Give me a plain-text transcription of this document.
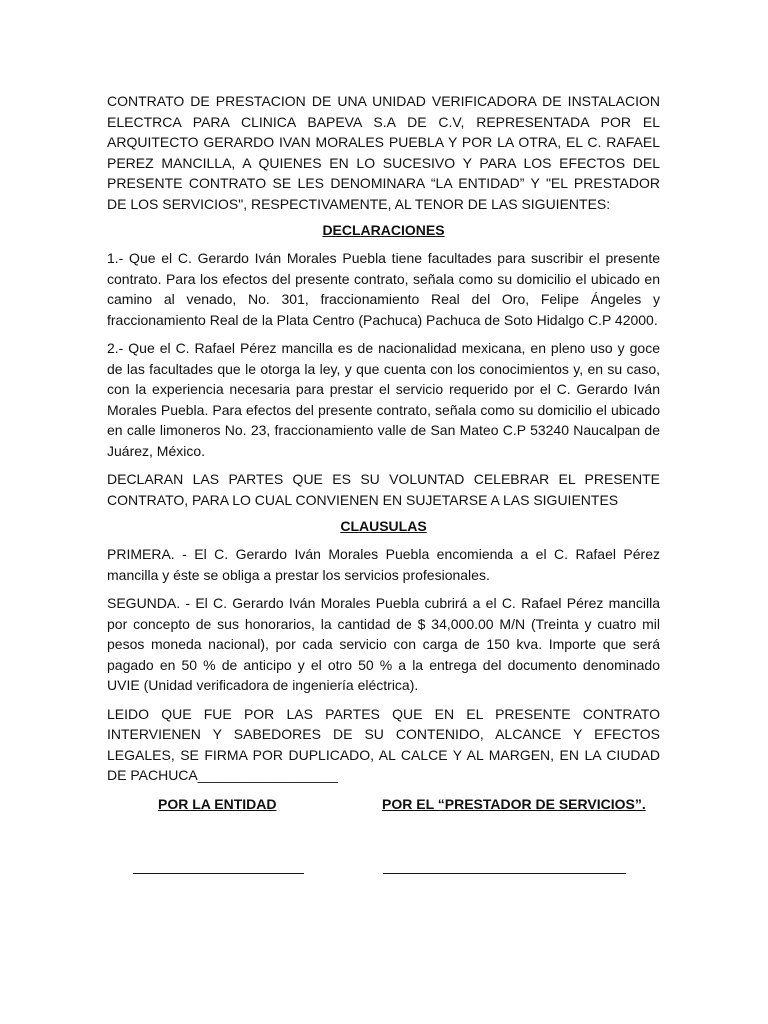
CONTRATO DE PRESTACION DE UNA UNIDAD VERIFICADORA DE INSTALACION ELECTRCA PARA CLINICA BAPEVA S.A DE C.V, REPRESENTADA POR EL ARQUITECTO GERARDO IVAN MORALES PUEBLA Y POR LA OTRA, EL C. RAFAEL PEREZ MANCILLA, A QUIENES EN LO SUCESIVO Y PARA LOS EFECTOS DEL PRESENTE CONTRATO SE LES DENOMINARA “LA ENTIDAD” Y "EL PRESTADOR DE LOS SERVICIOS", RESPECTIVAMENTE, AL TENOR DE LAS SIGUIENTES:

DECLARACIONES

1.- Que el C. Gerardo Iván Morales Puebla tiene facultades para suscribir el presente contrato. Para los efectos del presente contrato, señala como su domicilio el ubicado en camino al venado, No. 301, fraccionamiento Real del Oro, Felipe Ángeles y fraccionamiento Real de la Plata Centro (Pachuca) Pachuca de Soto Hidalgo C.P 42000.

2.- Que el C. Rafael Pérez mancilla es de nacionalidad mexicana, en pleno uso y goce de las facultades que le otorga la ley, y que cuenta con los conocimientos y, en su caso, con la experiencia necesaria para prestar el servicio requerido por el C. Gerardo Iván Morales Puebla. Para efectos del presente contrato, señala como su domicilio el ubicado en calle limoneros No. 23, fraccionamiento valle de San Mateo C.P 53240 Naucalpan de Juárez, México.

DECLARAN LAS PARTES QUE ES SU VOLUNTAD CELEBRAR EL PRESENTE CONTRATO, PARA LO CUAL CONVIENEN EN SUJETARSE A LAS SIGUIENTES

CLAUSULAS

PRIMERA. - El C. Gerardo Iván Morales Puebla encomienda a el C. Rafael Pérez mancilla y éste se obliga a prestar los servicios profesionales.

SEGUNDA. - El C. Gerardo Iván Morales Puebla cubrirá a el C. Rafael Pérez mancilla por concepto de sus honorarios, la cantidad de $ 34,000.00 M/N (Treinta y cuatro mil pesos moneda nacional), por cada servicio con carga de 150 kva. Importe que será pagado en 50 % de anticipo y el otro 50 % a la entrega del documento denominado UVIE (Unidad verificadora de ingeniería eléctrica).

LEIDO QUE FUE POR LAS PARTES QUE EN EL PRESENTE CONTRATO INTERVIENEN Y SABEDORES DE SU CONTENIDO, ALCANCE Y EFECTOS LEGALES, SE FIRMA POR DUPLICADO, AL CALCE Y AL MARGEN, EN LA CIUDAD DE PACHUCA__________________

POR LA ENTIDAD	POR EL “PRESTADOR DE SERVICIOS”.
